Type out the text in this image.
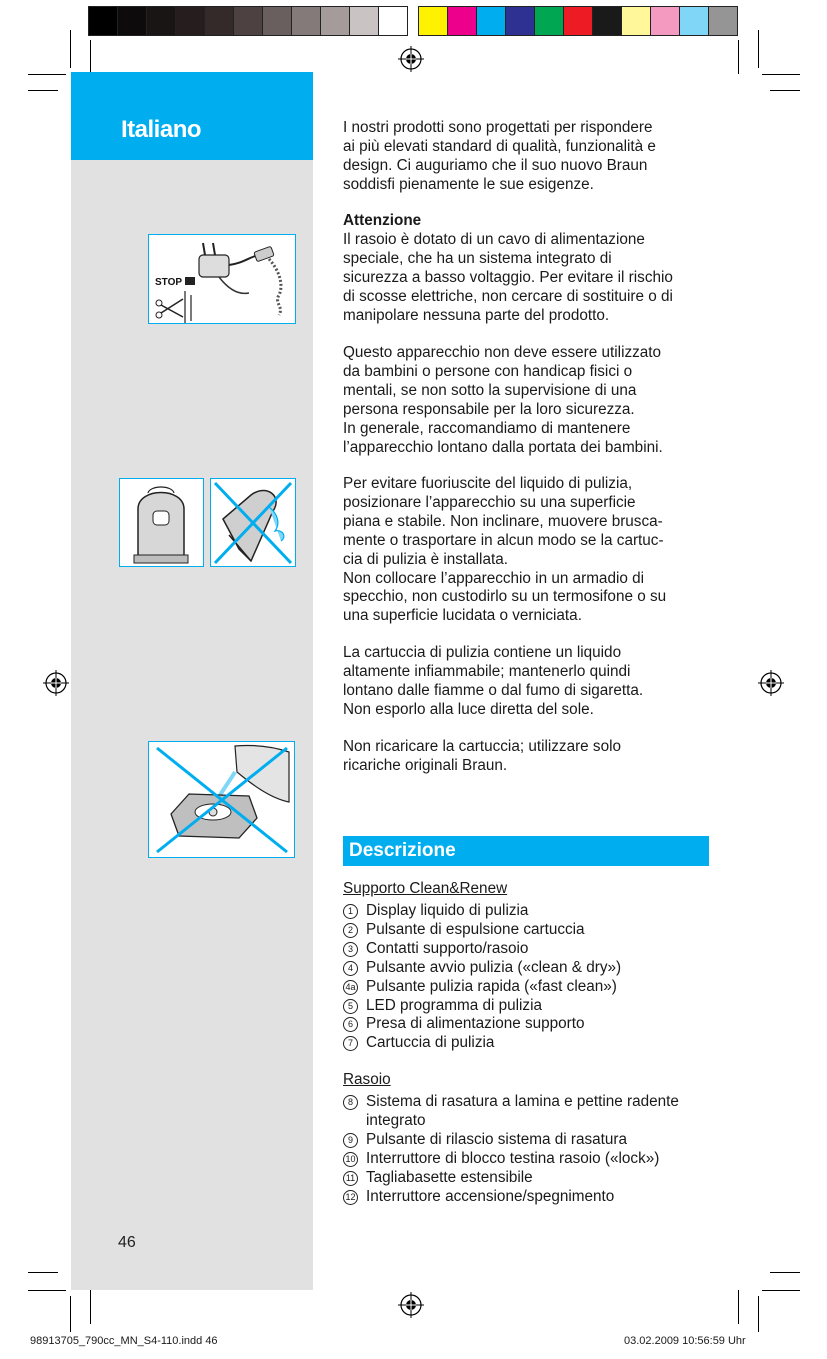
Italiano
STOP
46
I nostri prodotti sono progettati per rispondere
ai più elevati standard di qualità, funzionalità e
design. Ci auguriamo che il suo nuovo Braun
soddisfi pienamente le sue esigenze.
Attenzione
Il rasoio è dotato di un cavo di alimentazione
speciale, che ha un sistema integrato di
sicurezza a basso voltaggio. Per evitare il rischio
di scosse elettriche, non cercare di sostituire o di
manipolare nessuna parte del prodotto.
Questo apparecchio non deve essere utilizzato
da bambini o persone con handicap fisici o
mentali, se non sotto la supervisione di una
persona responsabile per la loro sicurezza.
In generale, raccomandiamo di mantenere
l’apparecchio lontano dalla portata dei bambini.
Per evitare fuoriuscite del liquido di pulizia,
posizionare l’apparecchio su una superficie
piana e stabile. Non inclinare, muovere brusca-
mente o trasportare in alcun modo se la cartuc-
cia di pulizia è installata.
Non collocare l’apparecchio in un armadio di
specchio, non custodirlo su un termosifone o su
una superficie lucidata o verniciata.
La cartuccia di pulizia contiene un liquido
altamente infiammabile; mantenerlo quindi
lontano dalle fiamme o dal fumo di sigaretta.
Non esporlo alla luce diretta del sole.
Non ricaricare la cartuccia; utilizzare solo
ricariche originali Braun.
Descrizione
Supporto Clean&Renew
1 Display liquido di pulizia
2 Pulsante di espulsione cartuccia
3 Contatti supporto/rasoio
4 Pulsante avvio pulizia («clean & dry»)
4a Pulsante pulizia rapida («fast clean»)
5 LED programma di pulizia
6 Presa di alimentazione supporto
7 Cartuccia di pulizia
Rasoio
8 Sistema di rasatura a lamina e pettine radente
integrato
9 Pulsante di rilascio sistema di rasatura
10 Interruttore di blocco testina rasoio («lock»)
11 Tagliabasette estensibile
12 Interruttore accensione/spegnimento
98913705_790cc_MN_S4-110.indd 46	03.02.2009 10:56:59 Uhr
